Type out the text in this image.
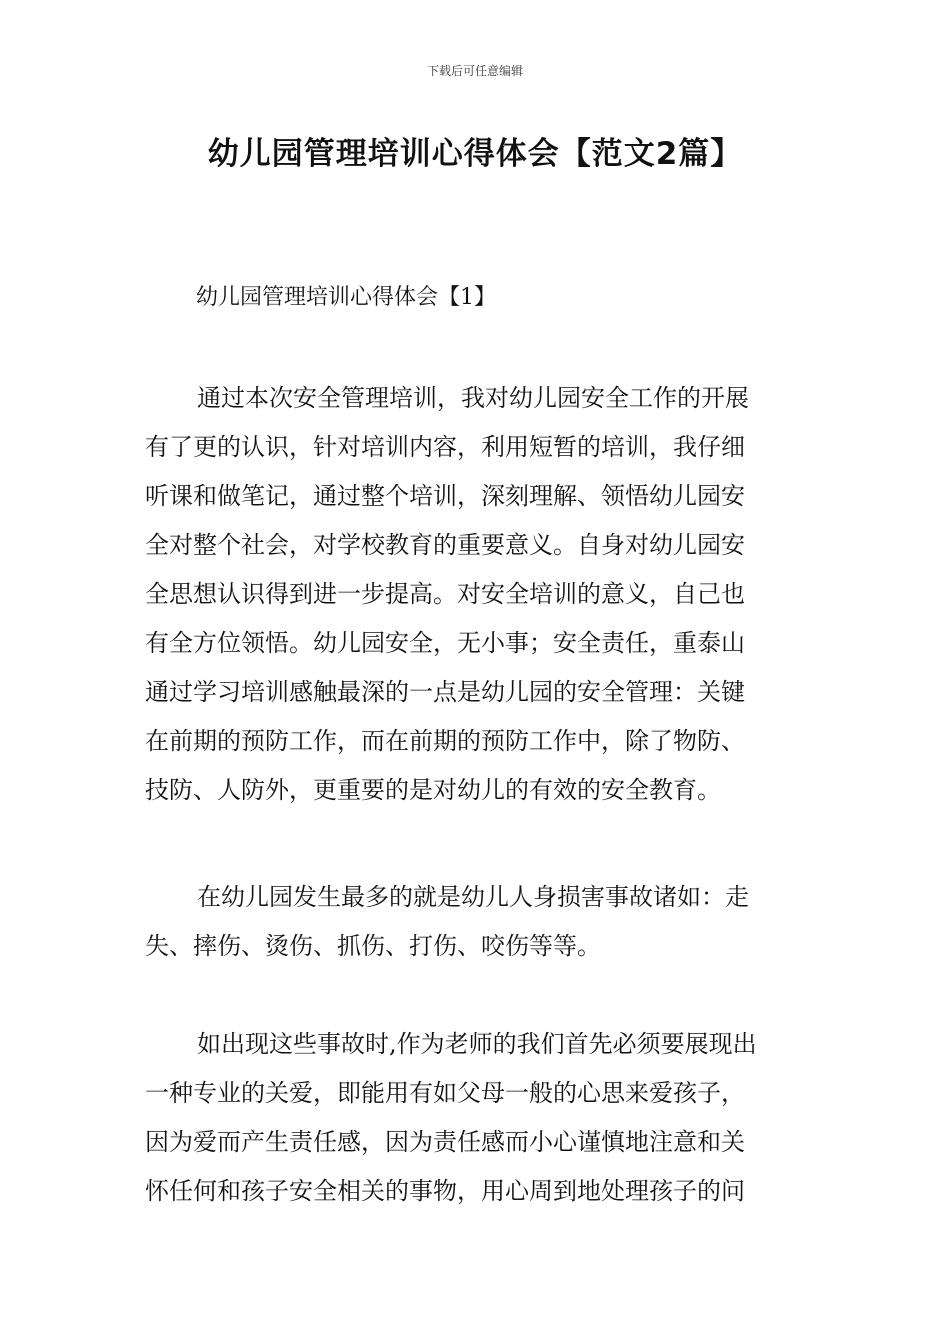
下载后可任意编辑
幼儿园管理培训心得体会【范文2篇】
幼儿园管理培训心得体会【1】
通过本次安全管理培训，我对幼儿园安全工作的开展
有了更的认识，针对培训内容，利用短暂的培训，我仔细
听课和做笔记，通过整个培训，深刻理解、领悟幼儿园安
全对整个社会，对学校教育的重要意义。自身对幼儿园安
全思想认识得到进一步提高。对安全培训的意义，自己也
有全方位领悟。幼儿园安全，无小事；安全责任，重泰山
通过学习培训感触最深的一点是幼儿园的安全管理：关键
在前期的预防工作，而在前期的预防工作中，除了物防、
技防、人防外，更重要的是对幼儿的有效的安全教育。
在幼儿园发生最多的就是幼儿人身损害事故诸如：走
失、摔伤、烫伤、抓伤、打伤、咬伤等等。
如出现这些事故时,作为老师的我们首先必须要展现出
一种专业的关爱，即能用有如父母一般的心思来爱孩子，
因为爱而产生责任感，因为责任感而小心谨慎地注意和关
怀任何和孩子安全相关的事物，用心周到地处理孩子的问
